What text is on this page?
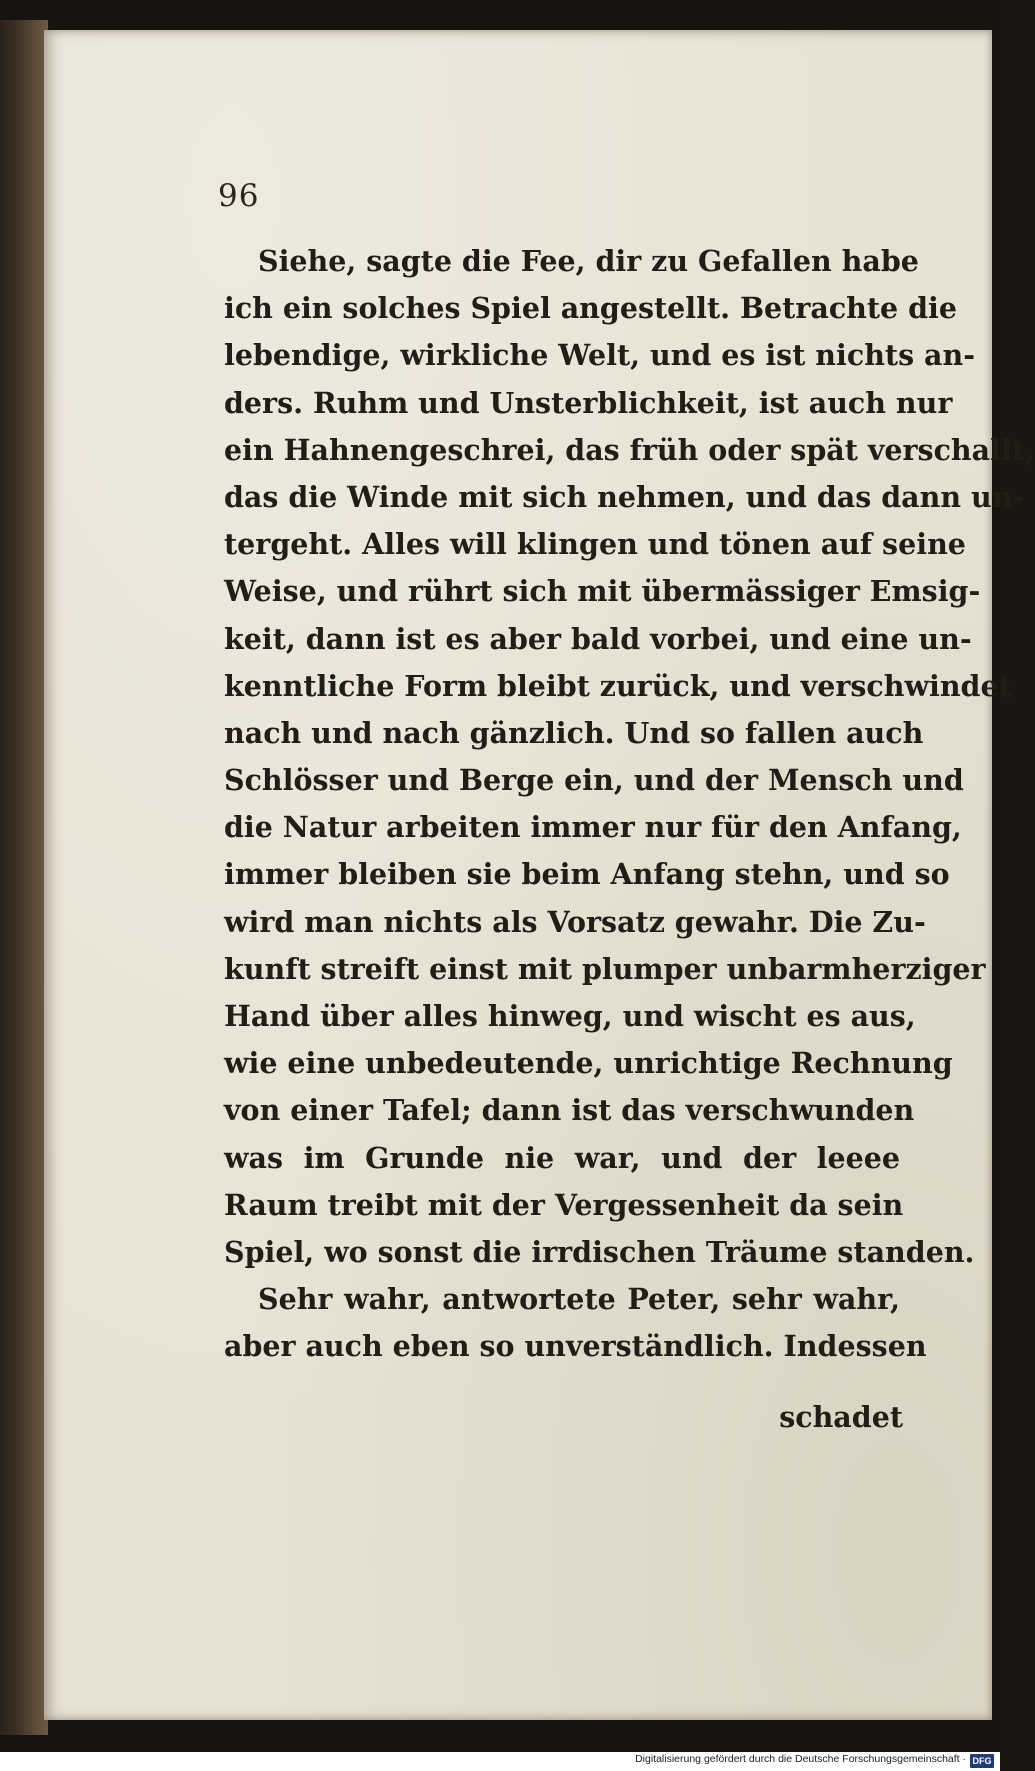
96
Siehe, sagte die Fee, dir zu Gefallen habe
ich ein solches Spiel angestellt. Betrachte die
lebendige, wirkliche Welt, und es ist nichts an-
ders. Ruhm und Unsterblichkeit, ist auch nur
ein Hahnengeschrei, das früh oder spät verschallt,
das die Winde mit sich nehmen, und das dann un-
tergeht. Alles will klingen und tönen auf seine
Weise, und rührt sich mit übermässiger Emsig-
keit, dann ist es aber bald vorbei, und eine un-
kenntliche Form bleibt zurück, und verschwindet
nach und nach gänzlich. Und so fallen auch
Schlösser und Berge ein, und der Mensch und
die Natur arbeiten immer nur für den Anfang,
immer bleiben sie beim Anfang stehn, und so
wird man nichts als Vorsatz gewahr. Die Zu-
kunft streift einst mit plumper unbarmherziger
Hand über alles hinweg, und wischt es aus,
wie eine unbedeutende, unrichtige Rechnung
von einer Tafel; dann ist das verschwunden
was im Grunde nie war, und der leeee
Raum treibt mit der Vergessenheit da sein
Spiel, wo sonst die irrdischen Träume standen.
Sehr wahr, antwortete Peter, sehr wahr,
aber auch eben so unverständlich. Indessen
schadet
Digitalisierung gefördert durch die Deutsche Forschungsgemeinschaft · DFG
